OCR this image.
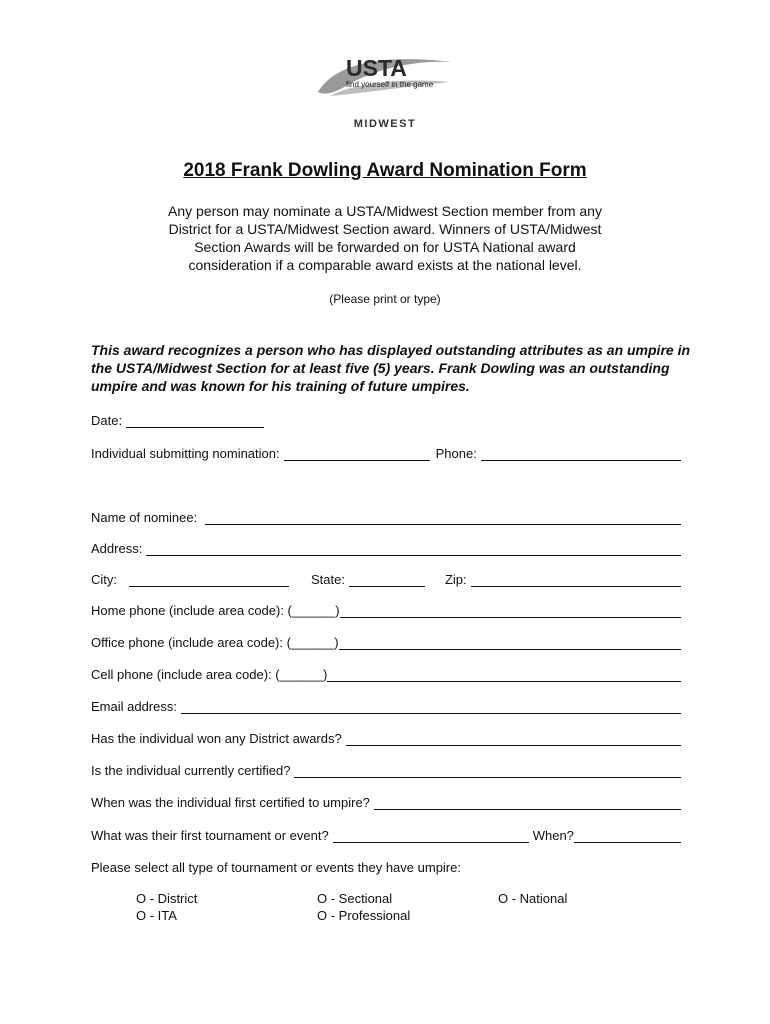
USTA
find yourself in the game
MIDWEST
2018 Frank Dowling Award Nomination Form
Any person may nominate a USTA/Midwest Section member from any District for a USTA/Midwest Section award. Winners of USTA/Midwest Section Awards will be forwarded on for USTA National award consideration if a comparable award exists at the national level.
(Please print or type)
This award recognizes a person who has displayed outstanding attributes as an umpire in the USTA/Midwest Section for at least five (5) years. Frank Dowling was an outstanding umpire and was known for his training of future umpires.
Date:
Individual submitting nomination:	Phone:
Name of nominee:
Address:
City:	State:	Zip:
Home phone (include area code): (______)
Office phone (include area code): (______)
Cell phone (include area code): (______)
Email address:
Has the individual won any District awards?
Is the individual currently certified?
When was the individual first certified to umpire?
What was their first tournament or event?	When?
Please select all type of tournament or events they have umpire:
O - District	O - Sectional	O - National
O - ITA	O - Professional
